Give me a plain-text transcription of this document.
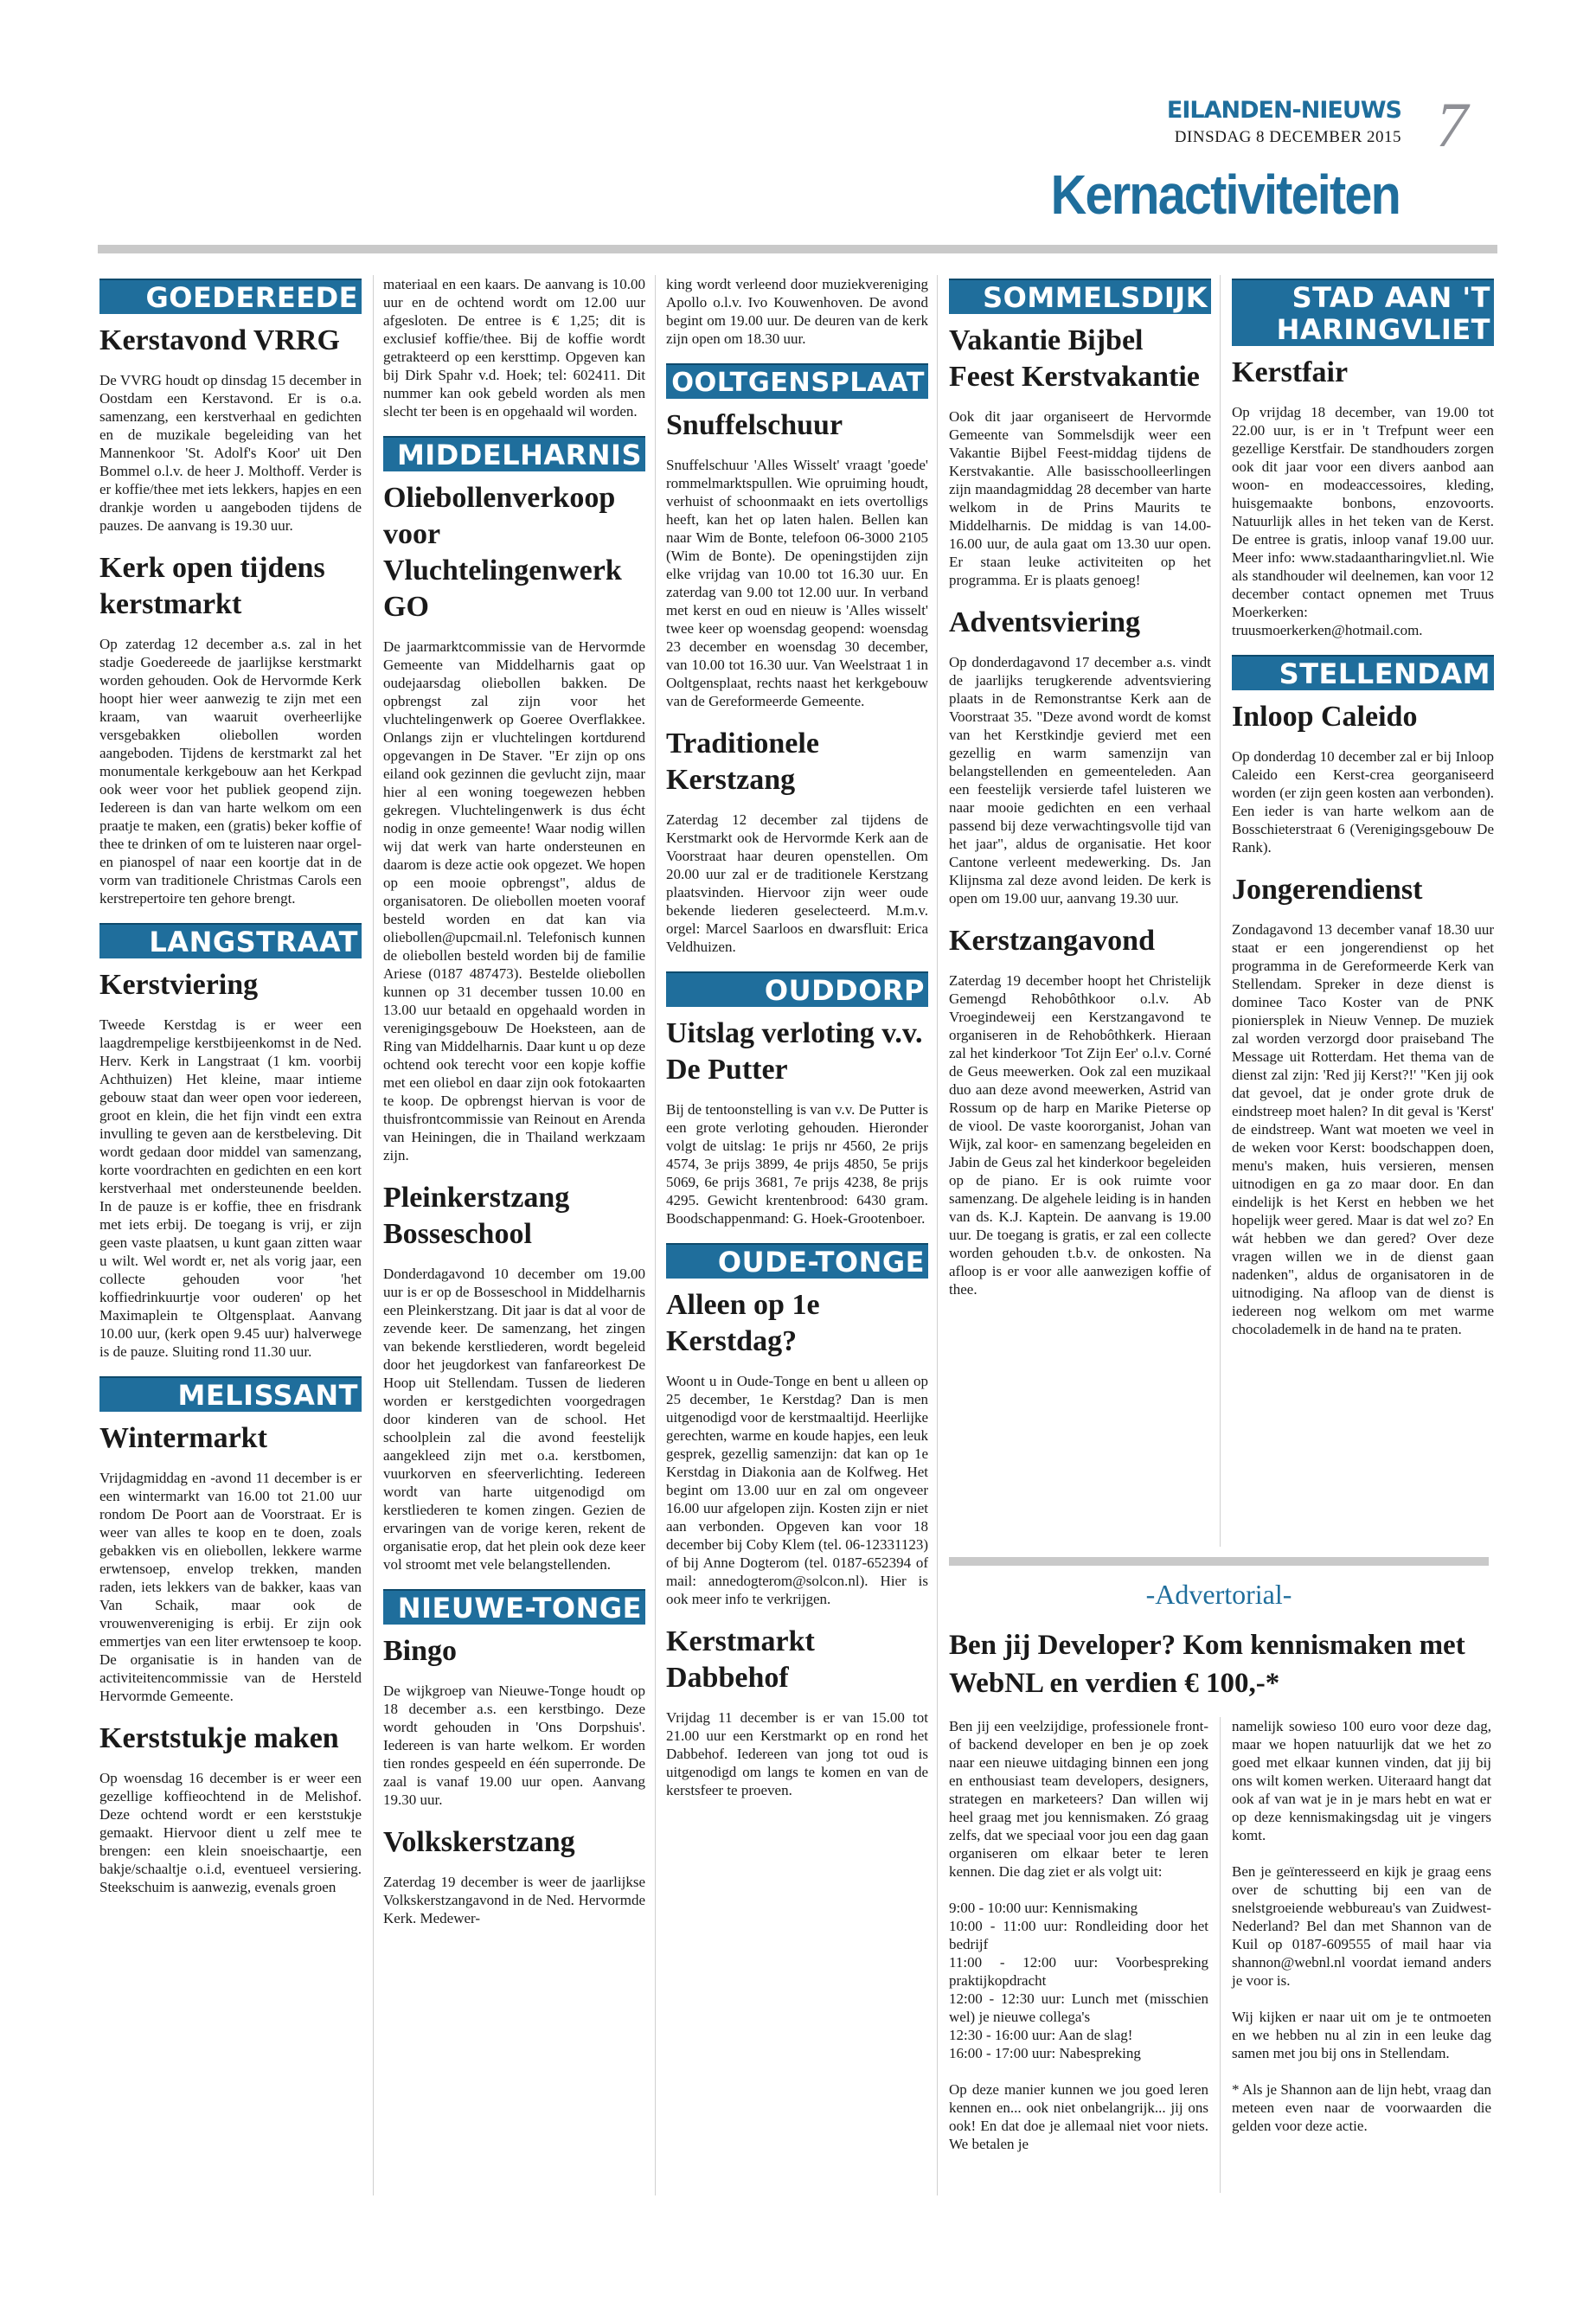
EILANDEN-NIEUWS
DINSDAG 8 DECEMBER 2015 7
Kernactiviteiten
GOEDEREEDE
Kerstavond VRRG
De VVRG houdt op dinsdag 15 december in Oostdam een Kerstavond. Er is o.a. samenzang, een kerstverhaal en gedichten en de muzikale begeleiding van het Mannenkoor 'St. Adolf's Koor' uit Den Bommel o.l.v. de heer J. Molthoff. Verder is er koffie/thee met iets lekkers, hapjes en een drankje worden u aangeboden tijdens de pauzes. De aanvang is 19.30 uur.
Kerk open tijdens kerstmarkt
Op zaterdag 12 december a.s. zal in het stadje Goedereede de jaarlijkse kerstmarkt worden gehouden. Ook de Hervormde Kerk hoopt hier weer aanwezig te zijn met een kraam, van waaruit overheerlijke versgebakken oliebollen worden aangeboden. Tijdens de kerstmarkt zal het monumentale kerkgebouw aan het Kerkpad ook weer voor het publiek geopend zijn. Iedereen is dan van harte welkom om een praatje te maken, een (gratis) beker koffie of thee te drinken of om te luisteren naar orgel- en pianospel of naar een koortje dat in de vorm van traditionele Christmas Carols een kerstrepertoire ten gehore brengt.
LANGSTRAAT
Kerstviering
Tweede Kerstdag is er weer een laagdrempelige kerstbijeenkomst in de Ned. Herv. Kerk in Langstraat (1 km. voorbij Achthuizen) Het kleine, maar intieme gebouw staat dan weer open voor iedereen, groot en klein, die het fijn vindt een extra invulling te geven aan de kerstbeleving. Dit wordt gedaan door middel van samenzang, korte voordrachten en gedichten en een kort kerstverhaal met ondersteunende beelden. In de pauze is er koffie, thee en frisdrank met iets erbij. De toegang is vrij, er zijn geen vaste plaatsen, u kunt gaan zitten waar u wilt. Wel wordt er, net als vorig jaar, een collecte gehouden voor 'het koffiedrinkuurtje voor ouderen' op het Maximaplein te Oltgensplaat. Aanvang 10.00 uur, (kerk open 9.45 uur) halverwege is de pauze. Sluiting rond 11.30 uur.
MELISSANT
Wintermarkt
Vrijdagmiddag en -avond 11 december is er een wintermarkt van 16.00 tot 21.00 uur rondom De Poort aan de Voorstraat. Er is weer van alles te koop en te doen, zoals gebakken vis en oliebollen, lekkere warme erwtensoep, envelop trekken, manden raden, iets lekkers van de bakker, kaas van Van Schaik, maar ook de vrouwenvereniging is erbij. Er zijn ook emmertjes van een liter erwtensoep te koop. De organisatie is in handen van de activiteitencommissie van de Hersteld Hervormde Gemeente.
Kerststukje maken
Op woensdag 16 december is er weer een gezellige koffieochtend in de Melishof. Deze ochtend wordt er een kerststukje gemaakt. Hiervoor dient u zelf mee te brengen: een klein snoeischaartje, een bakje/schaaltje o.i.d, eventueel versiering. Steekschuim is aanwezig, evenals groen
materiaal en een kaars. De aanvang is 10.00 uur en de ochtend wordt om 12.00 uur afgesloten. De entree is € 1,25; dit is exclusief koffie/thee. Bij de koffie wordt getrakteerd op een kersttimp. Opgeven kan bij Dirk Spahr v.d. Hoek; tel: 602411. Dit nummer kan ook gebeld worden als men slecht ter been is en opgehaald wil worden.
MIDDELHARNIS
Oliebollenverkoop voor Vluchtelingenwerk GO
De jaarmarktcommissie van de Hervormde Gemeente van Middelharnis gaat op oudejaarsdag oliebollen bakken. De opbrengst zal zijn voor het vluchtelingenwerk op Goeree Overflakkee. Onlangs zijn er vluchtelingen kortdurend opgevangen in De Staver. "Er zijn op ons eiland ook gezinnen die gevlucht zijn, maar hier al een woning toegewezen hebben gekregen. Vluchtelingenwerk is dus écht nodig in onze gemeente! Waar nodig willen wij dat werk van harte ondersteunen en daarom is deze actie ook opgezet. We hopen op een mooie opbrengst", aldus de organisatoren. De oliebollen moeten vooraf besteld worden en dat kan via oliebollen@upcmail.nl. Telefonisch kunnen de oliebollen besteld worden bij de familie Ariese (0187 487473). Bestelde oliebollen kunnen op 31 december tussen 10.00 en 13.00 uur betaald en opgehaald worden in verenigingsgebouw De Hoeksteen, aan de Ring van Middelharnis. Daar kunt u op deze ochtend ook terecht voor een kopje koffie met een oliebol en daar zijn ook fotokaarten te koop. De opbrengst hiervan is voor de thuisfrontcommissie van Reinout en Arenda van Heiningen, die in Thailand werkzaam zijn.
Pleinkerstzang Bosseschool
Donderdagavond 10 december om 19.00 uur is er op de Bosseschool in Middelharnis een Pleinkerstzang. Dit jaar is dat al voor de zevende keer. De samenzang, het zingen van bekende kerstliederen, wordt begeleid door het jeugdorkest van fanfareorkest De Hoop uit Stellendam. Tussen de liederen worden er kerstgedichten voorgedragen door kinderen van de school. Het schoolplein zal die avond feestelijk aangekleed zijn met o.a. kerstbomen, vuurkorven en sfeerverlichting. Iedereen wordt van harte uitgenodigd om kerstliederen te komen zingen. Gezien de ervaringen van de vorige keren, rekent de organisatie erop, dat het plein ook deze keer vol stroomt met vele belangstellenden.
NIEUWE-TONGE
Bingo
De wijkgroep van Nieuwe-Tonge houdt op 18 december a.s. een kerstbingo. Deze wordt gehouden in 'Ons Dorpshuis'. Iedereen is van harte welkom. Er worden tien rondes gespeeld en één superronde. De zaal is vanaf 19.00 uur open. Aanvang 19.30 uur.
Volkskerstzang
Zaterdag 19 december is weer de jaarlijkse Volkskerstzangavond in de Ned. Hervormde Kerk. Medewer-
king wordt verleend door muziekvereniging Apollo o.l.v. Ivo Kouwenhoven. De avond begint om 19.00 uur. De deuren van de kerk zijn open om 18.30 uur.
OOLTGENSPLAAT
Snuffelschuur
Snuffelschuur 'Alles Wisselt' vraagt 'goede' rommelmarktspullen. Wie opruiming houdt, verhuist of schoonmaakt en iets overtolligs heeft, kan het op laten halen. Bellen kan naar Wim de Bonte, telefoon 06-3000 2105 (Wim de Bonte). De openingstijden zijn elke vrijdag van 10.00 tot 16.30 uur. En zaterdag van 9.00 tot 12.00 uur. In verband met kerst en oud en nieuw is 'Alles wisselt' twee keer op woensdag geopend: woensdag 23 december en woensdag 30 december, van 10.00 tot 16.30 uur. Van Weelstraat 1 in Ooltgensplaat, rechts naast het kerkgebouw van de Gereformeerde Gemeente.
Traditionele Kerstzang
Zaterdag 12 december zal tijdens de Kerstmarkt ook de Hervormde Kerk aan de Voorstraat haar deuren openstellen. Om 20.00 uur zal er de traditionele Kerstzang plaatsvinden. Hiervoor zijn weer oude bekende liederen geselecteerd. M.m.v. orgel: Marcel Saarloos en dwarsfluit: Erica Veldhuizen.
OUDDORP
Uitslag verloting v.v. De Putter
Bij de tentoonstelling is van v.v. De Putter is een grote verloting gehouden. Hieronder volgt de uitslag: 1e prijs nr 4560, 2e prijs 4574, 3e prijs 3899, 4e prijs 4850, 5e prijs 5069, 6e prijs 3681, 7e prijs 4238, 8e prijs 4295. Gewicht krentenbrood: 6430 gram. Boodschappenmand: G. Hoek-Grootenboer.
OUDE-TONGE
Alleen op 1e Kerstdag?
Woont u in Oude-Tonge en bent u alleen op 25 december, 1e Kerstdag? Dan is men uitgenodigd voor de kerstmaaltijd. Heerlijke gerechten, warme en koude hapjes, een leuk gesprek, gezellig samenzijn: dat kan op 1e Kerstdag in Diakonia aan de Kolfweg. Het begint om 13.00 uur en zal om ongeveer 16.00 uur afgelopen zijn. Kosten zijn er niet aan verbonden. Opgeven kan voor 18 december bij Coby Klem (tel. 06-12331123) of bij Anne Dogterom (tel. 0187-652394 of mail: annedogterom@solcon.nl). Hier is ook meer info te verkrijgen.
Kerstmarkt Dabbehof
Vrijdag 11 december is er van 15.00 tot 21.00 uur een Kerstmarkt op en rond het Dabbehof. Iedereen van jong tot oud is uitgenodigd om langs te komen en van de kerstsfeer te proeven.
SOMMELSDIJK
Vakantie Bijbel Feest Kerstvakantie
Ook dit jaar organiseert de Hervormde Gemeente van Sommelsdijk weer een Vakantie Bijbel Feest-middag tijdens de Kerstvakantie. Alle basisschoolleerlingen zijn maandagmiddag 28 december van harte welkom in de Prins Maurits te Middelharnis. De middag is van 14.00-16.00 uur, de aula gaat om 13.30 uur open. Er staan leuke activiteiten op het programma. Er is plaats genoeg!
Adventsviering
Op donderdagavond 17 december a.s. vindt de jaarlijks terugkerende adventsviering plaats in de Remonstrantse Kerk aan de Voorstraat 35. "Deze avond wordt de komst van het Kerstkindje gevierd met een gezellig en warm samenzijn van belangstellenden en gemeenteleden. Aan een feestelijk versierde tafel luisteren we naar mooie gedichten en een verhaal passend bij deze verwachtingsvolle tijd van het jaar", aldus de organisatie. Het koor Cantone verleent medewerking. Ds. Jan Klijnsma zal deze avond leiden. De kerk is open om 19.00 uur, aanvang 19.30 uur.
Kerstzangavond
Zaterdag 19 december hoopt het Christelijk Gemengd Rehobôthkoor o.l.v. Ab Vroegindeweij een Kerstzangavond te organiseren in de Rehobôthkerk. Hieraan zal het kinderkoor 'Tot Zijn Eer' o.l.v. Corné de Geus meewerken. Ook zal een muzikaal duo aan deze avond meewerken, Astrid van Rossum op de harp en Marike Pieterse op de viool. De vaste koororganist, Johan van Wijk, zal koor- en samenzang begeleiden en Jabin de Geus zal het kinderkoor begeleiden op de piano. Er is ook ruimte voor samenzang. De algehele leiding is in handen van ds. K.J. Kaptein. De aanvang is 19.00 uur. De toegang is gratis, er zal een collecte worden gehouden t.b.v. de onkosten. Na afloop is er voor alle aanwezigen koffie of thee.
STAD AAN 'T HARINGVLIET
Kerstfair
Op vrijdag 18 december, van 19.00 tot 22.00 uur, is er in 't Trefpunt weer een gezellige Kerstfair. De standhouders zorgen ook dit jaar voor een divers aanbod aan woon- en modeaccessoires, kleding, huisgemaakte bonbons, enzovoorts. Natuurlijk alles in het teken van de Kerst. De entree is gratis, inloop vanaf 19.00 uur. Meer info: www.stadaantharingvliet.nl. Wie als standhouder wil deelnemen, kan voor 12 december contact opnemen met Truus Moerkerken: truusmoerkerken@hotmail.com.
STELLENDAM
Inloop Caleido
Op donderdag 10 december zal er bij Inloop Caleido een Kerst-crea georganiseerd worden (er zijn geen kosten aan verbonden). Een ieder is van harte welkom aan de Bosschieterstraat 6 (Verenigingsgebouw De Rank).
Jongerendienst
Zondagavond 13 december vanaf 18.30 uur staat er een jongerendienst op het programma in de Gereformeerde Kerk van Stellendam. Spreker in deze dienst is dominee Taco Koster van de PNK pioniersplek in Nieuw Vennep. De muziek zal worden verzorgd door praiseband The Message uit Rotterdam. Het thema van de dienst zal zijn: 'Red jij Kerst?!' "Ken jij ook dat gevoel, dat je onder grote druk de eindstreep moet halen? In dit geval is 'Kerst' de eindstreep. Want wat moeten we veel in de weken voor Kerst: boodschappen doen, menu's maken, huis versieren, mensen uitnodigen en ga zo maar door. En dan eindelijk is het Kerst en hebben we het hopelijk weer gered. Maar is dat wel zo? En wát hebben we dan gered? Over deze vragen willen we in de dienst gaan nadenken", aldus de organisatoren in de uitnodiging. Na afloop van de dienst is iedereen nog welkom om met warme chocolademelk in de hand na te praten.
-Advertorial-
Ben jij Developer? Kom kennismaken met WebNL en verdien € 100,-*
Ben jij een veelzijdige, professionele front- of backend developer en ben je op zoek naar een nieuwe uitdaging binnen een jong en enthousiast team developers, designers, strategen en marketeers? Dan willen wij heel graag met jou kennismaken. Zó graag zelfs, dat we speciaal voor jou een dag gaan organiseren om elkaar beter te leren kennen. Die dag ziet er als volgt uit:

9:00 - 10:00 uur: Kennismaking
10:00 - 11:00 uur: Rondleiding door het bedrijf
11:00 - 12:00 uur: Voorbespreking praktijkopdracht
12:00 - 12:30 uur: Lunch met (misschien wel) je nieuwe collega's
12:30 - 16:00 uur: Aan de slag!
16:00 - 17:00 uur: Nabespreking

Op deze manier kunnen we jou goed leren kennen en... ook niet onbelangrijk... jij ons ook! En dat doe je allemaal niet voor niets. We betalen je
namelijk sowieso 100 euro voor deze dag, maar we hopen natuurlijk dat we het zo goed met elkaar kunnen vinden, dat jij bij ons wilt komen werken. Uiteraard hangt dat ook af van wat je in je mars hebt en wat er op deze kennismakingsdag uit je vingers komt.

Ben je geïnteresseerd en kijk je graag eens over de schutting bij een van de snelstgroeiende webbureau's van Zuidwest-Nederland? Bel dan met Shannon van de Kuil op 0187-609555 of mail haar via shannon@webnl.nl voordat iemand anders je voor is.

Wij kijken er naar uit om je te ontmoeten en we hebben nu al zin in een leuke dag samen met jou bij ons in Stellendam.

* Als je Shannon aan de lijn hebt, vraag dan meteen even naar de voorwaarden die gelden voor deze actie.
